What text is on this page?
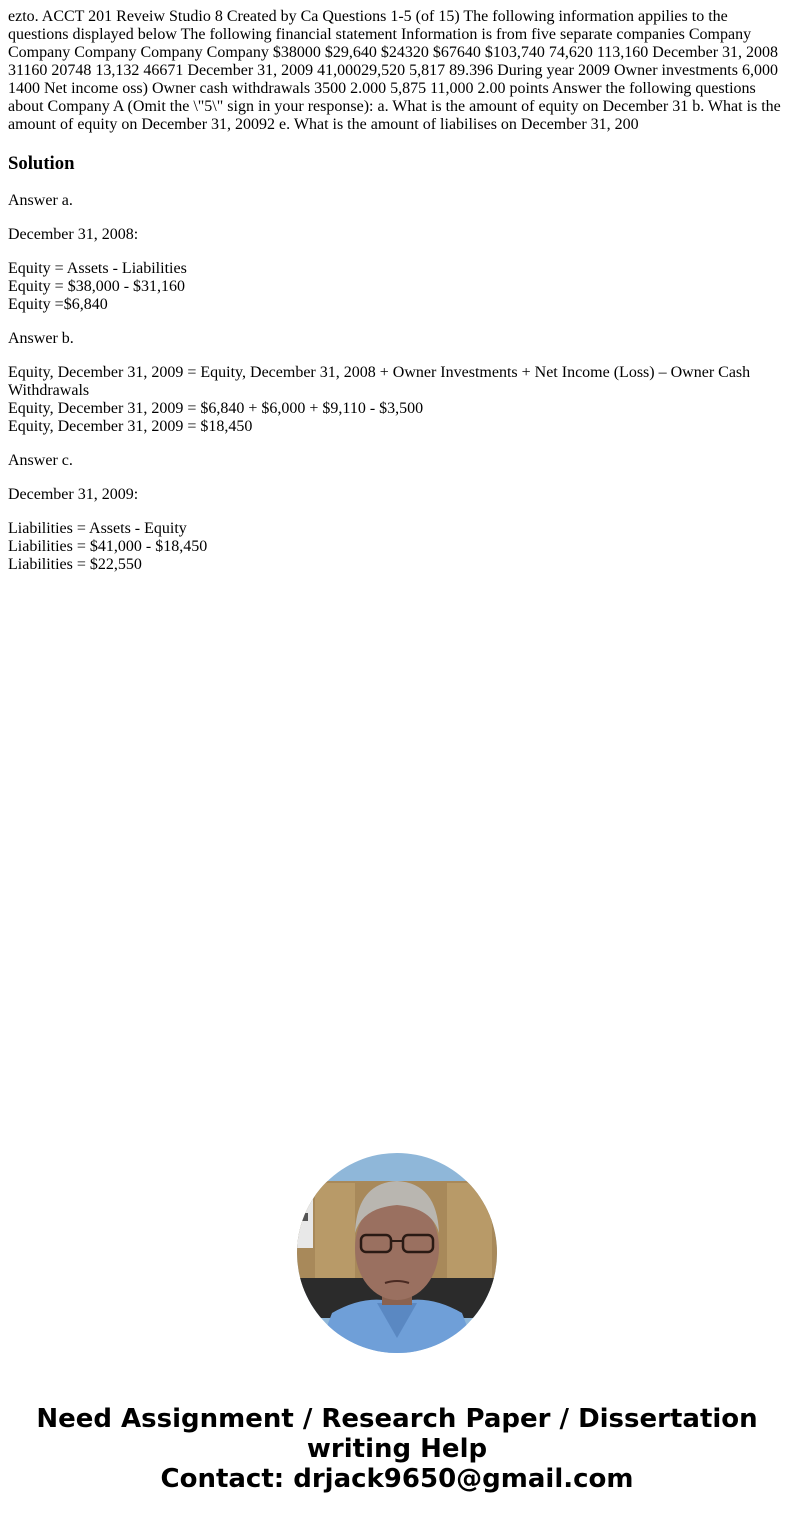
ezto. ACCT 201 Reveiw Studio 8 Created by Ca Questions 1-5 (of 15) The following information appilies to the questions displayed below The following financial statement Information is from five separate companies Company Company Company Company Company $38000 $29,640 $24320 $67640 $103,740 74,620 113,160 December 31, 2008 31160 20748 13,132 46671 December 31, 2009 41,00029,520 5,817 89.396 During year 2009 Owner investments 6,000 1400 Net income oss) Owner cash withdrawals 3500 2.000 5,875 11,000 2.00 points Answer the following questions about Company A (Omit the \"5\" sign in your response): a. What is the amount of equity on December 31 b. What is the amount of equity on December 31, 20092 e. What is the amount of liabilises on December 31, 200

Solution

Answer a.

December 31, 2008:

Equity = Assets - Liabilities
Equity = $38,000 - $31,160
Equity =$6,840

Answer b.

Equity, December 31, 2009 = Equity, December 31, 2008 + Owner Investments + Net Income (Loss) – Owner Cash Withdrawals
Equity, December 31, 2009 = $6,840 + $6,000 + $9,110 - $3,500
Equity, December 31, 2009 = $18,450

Answer c.

December 31, 2009:

Liabilities = Assets - Equity
Liabilities = $41,000 - $18,450
Liabilities = $22,550

Need Assignment / Research Paper / Dissertation
writing Help
Contact: drjack9650@gmail.com
